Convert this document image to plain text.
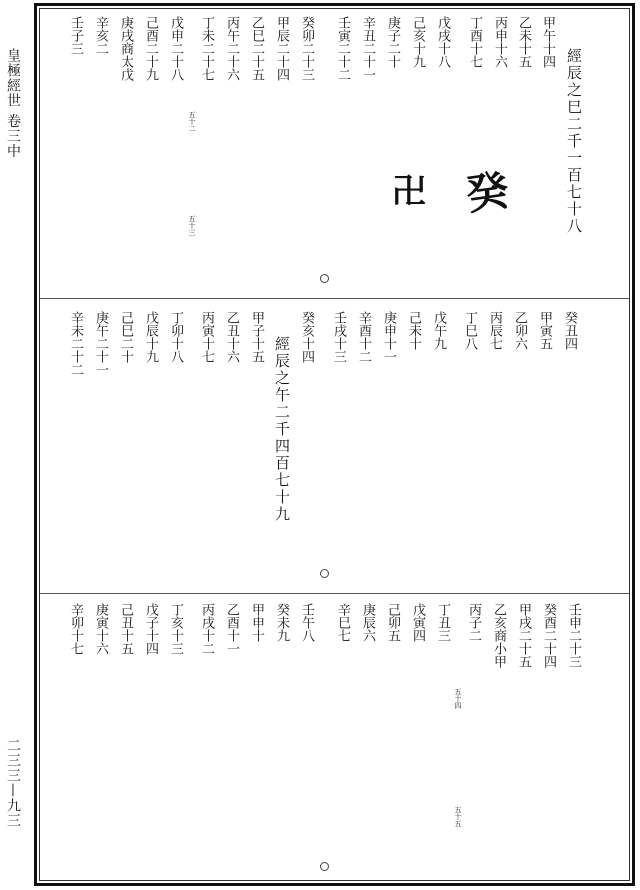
皇極經世 卷三中
二三三—九三
經辰之巳二千一百七十八
甲午十四
乙未十五
丙申十六
丁酉十七
戊戌十八
己亥十九
庚子二十
辛丑二十一
壬寅二十二
癸卯二十三
甲辰二十四
乙巳二十五
丙午二十六
丁未二十七
戊申二十八
己酉二十九
庚戌商太戊
辛亥二
壬子三
五十二
五十三
卍 癸
癸丑四
甲寅五
乙卯六
丙辰七
丁巳八
戊午九
己未十
庚申十一
辛酉十二
壬戌十三
癸亥十四
經辰之午二千四百七十九
甲子十五
乙丑十六
丙寅十七
丁卯十八
戊辰十九
己巳二十
庚午二十一
辛未二十二
壬申二十三
癸酉二十四
甲戌二十五
乙亥商小甲
丙子二
丁丑三
戊寅四
己卯五
庚辰六
辛巳七
壬午八
癸未九
甲申十
乙酉十一
丙戌十二
丁亥十三
戊子十四
己丑十五
庚寅十六
辛卯十七
五十四
五十五
